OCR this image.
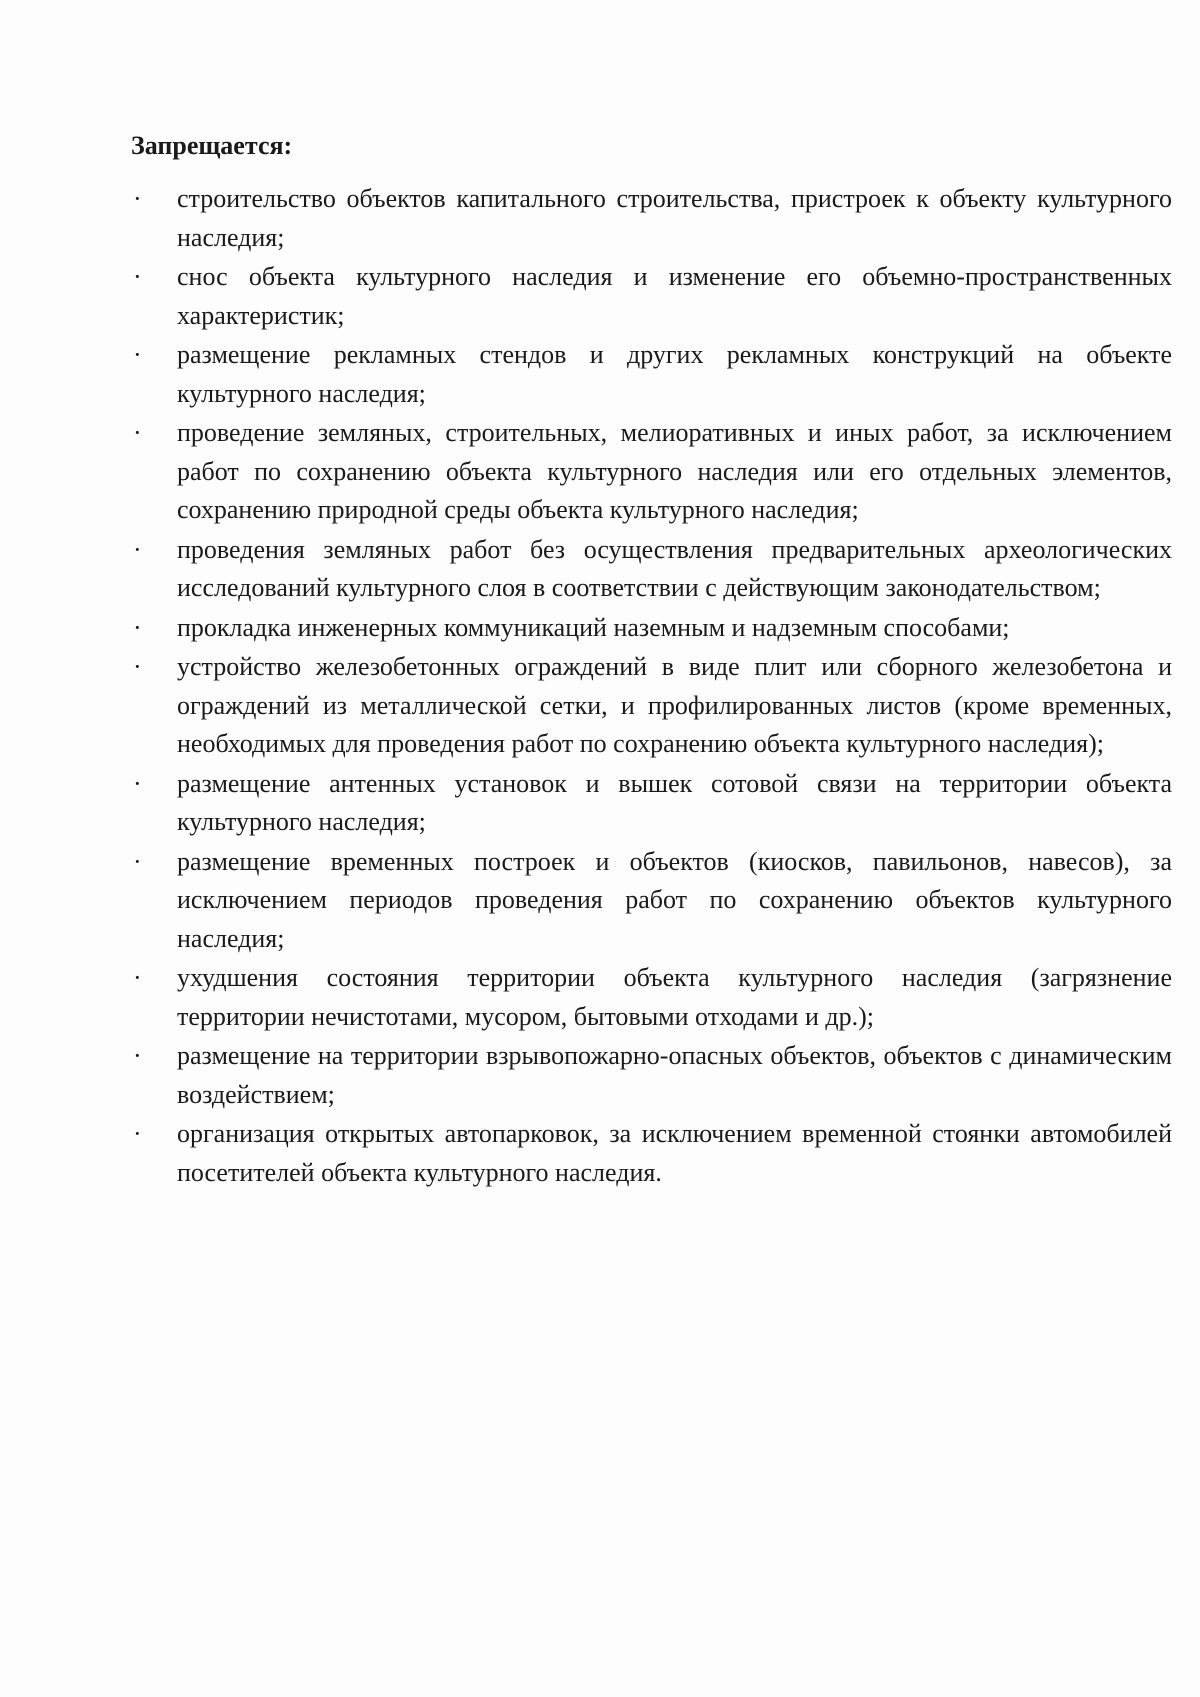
Запрещается:
·	строительство объектов капитального строительства, пристроек к объекту культурного наследия;
·	снос объекта культурного наследия и изменение его объемно-пространственных характеристик;
·	размещение рекламных стендов и других рекламных конструкций на объекте культурного наследия;
·	проведение земляных, строительных, мелиоративных и иных работ, за исключением работ по сохранению объекта культурного наследия или его отдельных элементов, сохранению природной среды объекта культурного наследия;
·	проведения земляных работ без осуществления предварительных археологических исследований культурного слоя в соответствии с действующим законодательством;
·	прокладка инженерных коммуникаций наземным и надземным способами;
·	устройство железобетонных ограждений в виде плит или сборного железобетона и ограждений из металлической сетки, и профилированных листов (кроме временных, необходимых для проведения работ по сохранению объекта культурного наследия);
·	размещение антенных установок и вышек сотовой связи на территории объекта культурного наследия;
·	размещение временных построек и объектов (киосков, павильонов, навесов), за исключением периодов проведения работ по сохранению объектов культурного наследия;
·	ухудшения состояния территории объекта культурного наследия (загрязнение территории нечистотами, мусором, бытовыми отходами и др.);
·	размещение на территории взрывопожарно-опасных объектов, объектов с динамическим воздействием;
·	организация открытых автопарковок, за исключением временной стоянки автомобилей посетителей объекта культурного наследия.
